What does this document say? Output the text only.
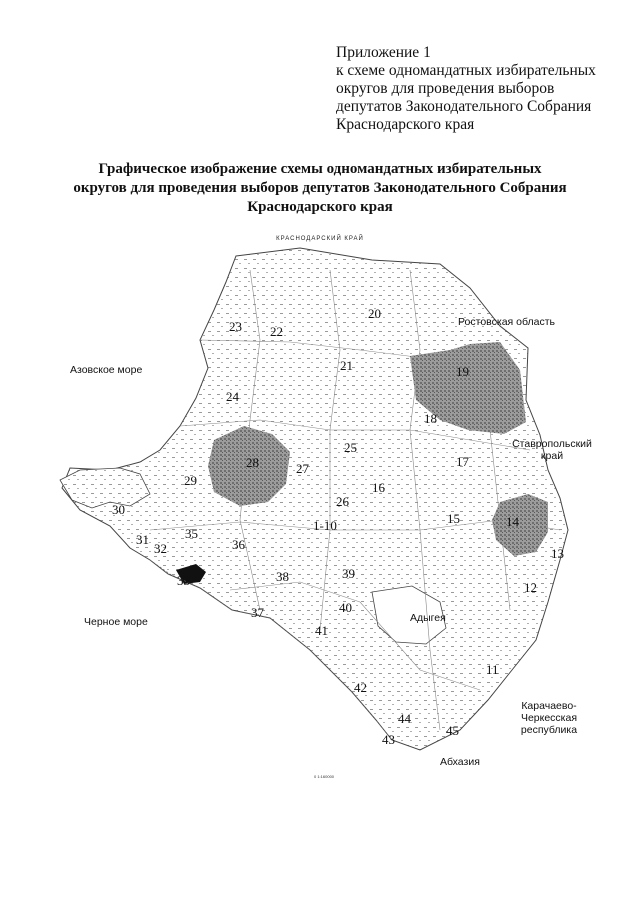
Приложение 1
к схеме одномандатных избирательных
округов для проведения выборов
депутатов Законодательного Собрания
Краснодарского края
Графическое изображение схемы одномандатных избирательных
округов для проведения выборов депутатов Законодательного Собрания
Краснодарского края
КРАСНОДАРСКИЙ КРАЙ
Азовское море
Ростовская область
Ставропольский
край
Черное море	Адыгея
Карачаево-
Черкесская
республика
Абхазия
1-10
11
12
13
14
15
16
17
18
19
20
21
22
23
24
25
26
27
28
29
30
31
32
33
35
36
37
38	39
40
41
42
43
44
45
0 1:160000
